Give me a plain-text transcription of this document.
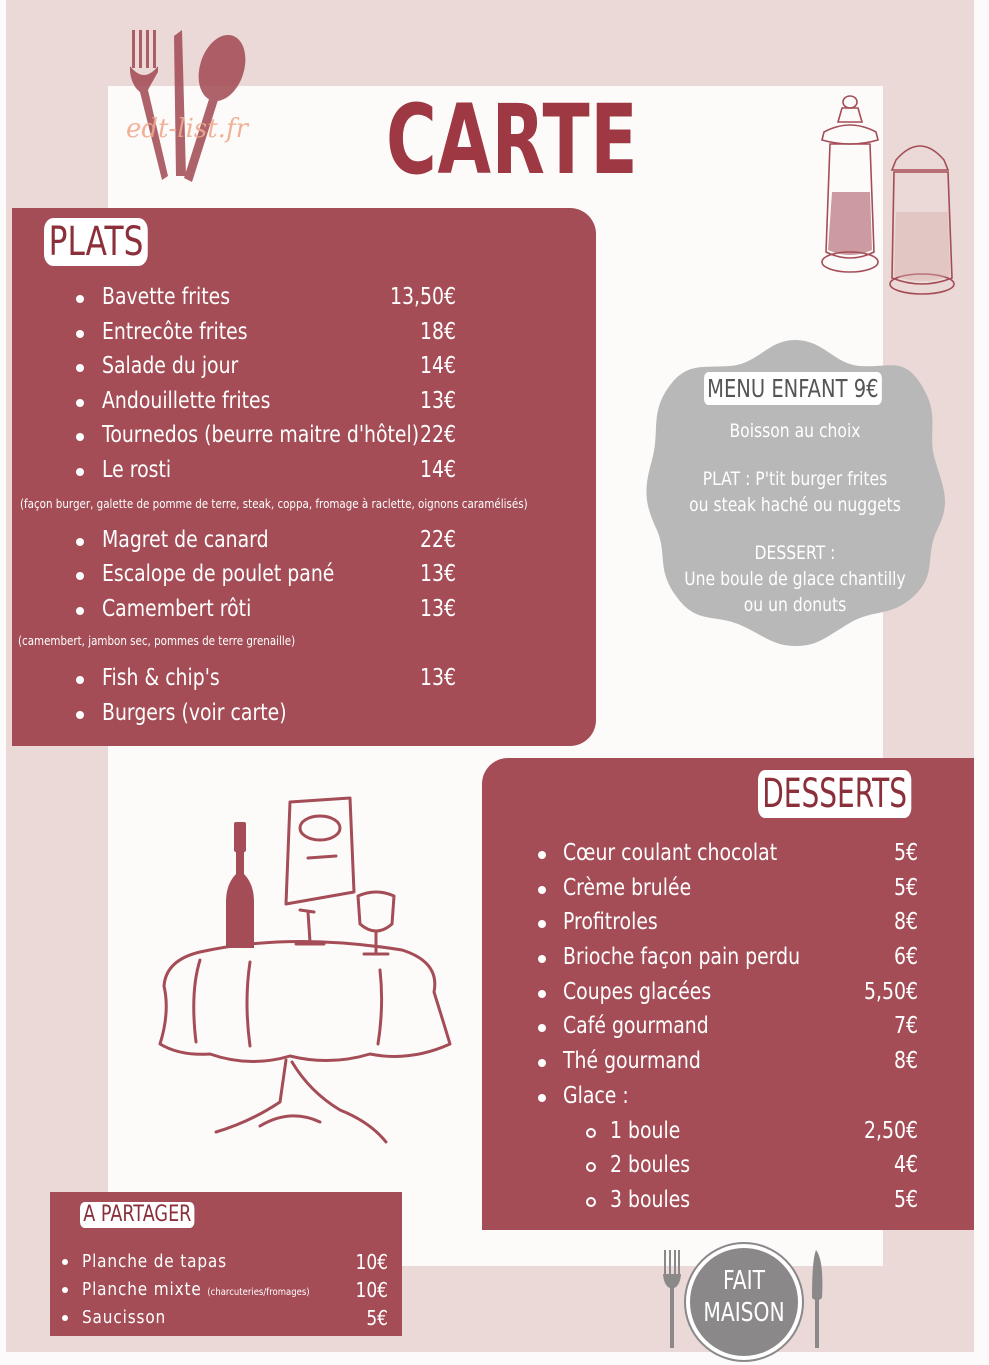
edt-list.fr CARTE
PLATS
Bavette frites	13,50€
Entrecôte frites	18€
Salade du jour	14€
Andouillette frites	13€
Tournedos (beurre maitre d'hôtel) 22€
Le rosti	14€
(façon burger, galette de pomme de terre, steak, coppa, fromage à raclette, oignons caramélisés)
Magret de canard	22€
Escalope de poulet pané	13€
Camembert rôti	13€
(camembert, jambon sec, pommes de terre grenaille)
Fish & chip's	13€
Burgers (voir carte)
MENU ENFANT 9€
Boisson au choix
PLAT : P'tit burger frites
ou steak haché ou nuggets
DESSERT :
Une boule de glace chantilly
ou un donuts
DESSERTS
Cœur coulant chocolat	5€
Crème brulée	5€
Profitroles	8€
Brioche façon pain perdu	6€
Coupes glacées	5,50€
Café gourmand	7€
Thé gourmand	8€
Glace :
1 boule	2,50€
2 boules	4€
3 boules	5€
A PARTAGER
Planche de tapas	10€
Planche mixte (charcuteries/fromages)	10€
Saucisson	5€
FAIT
MAISON
